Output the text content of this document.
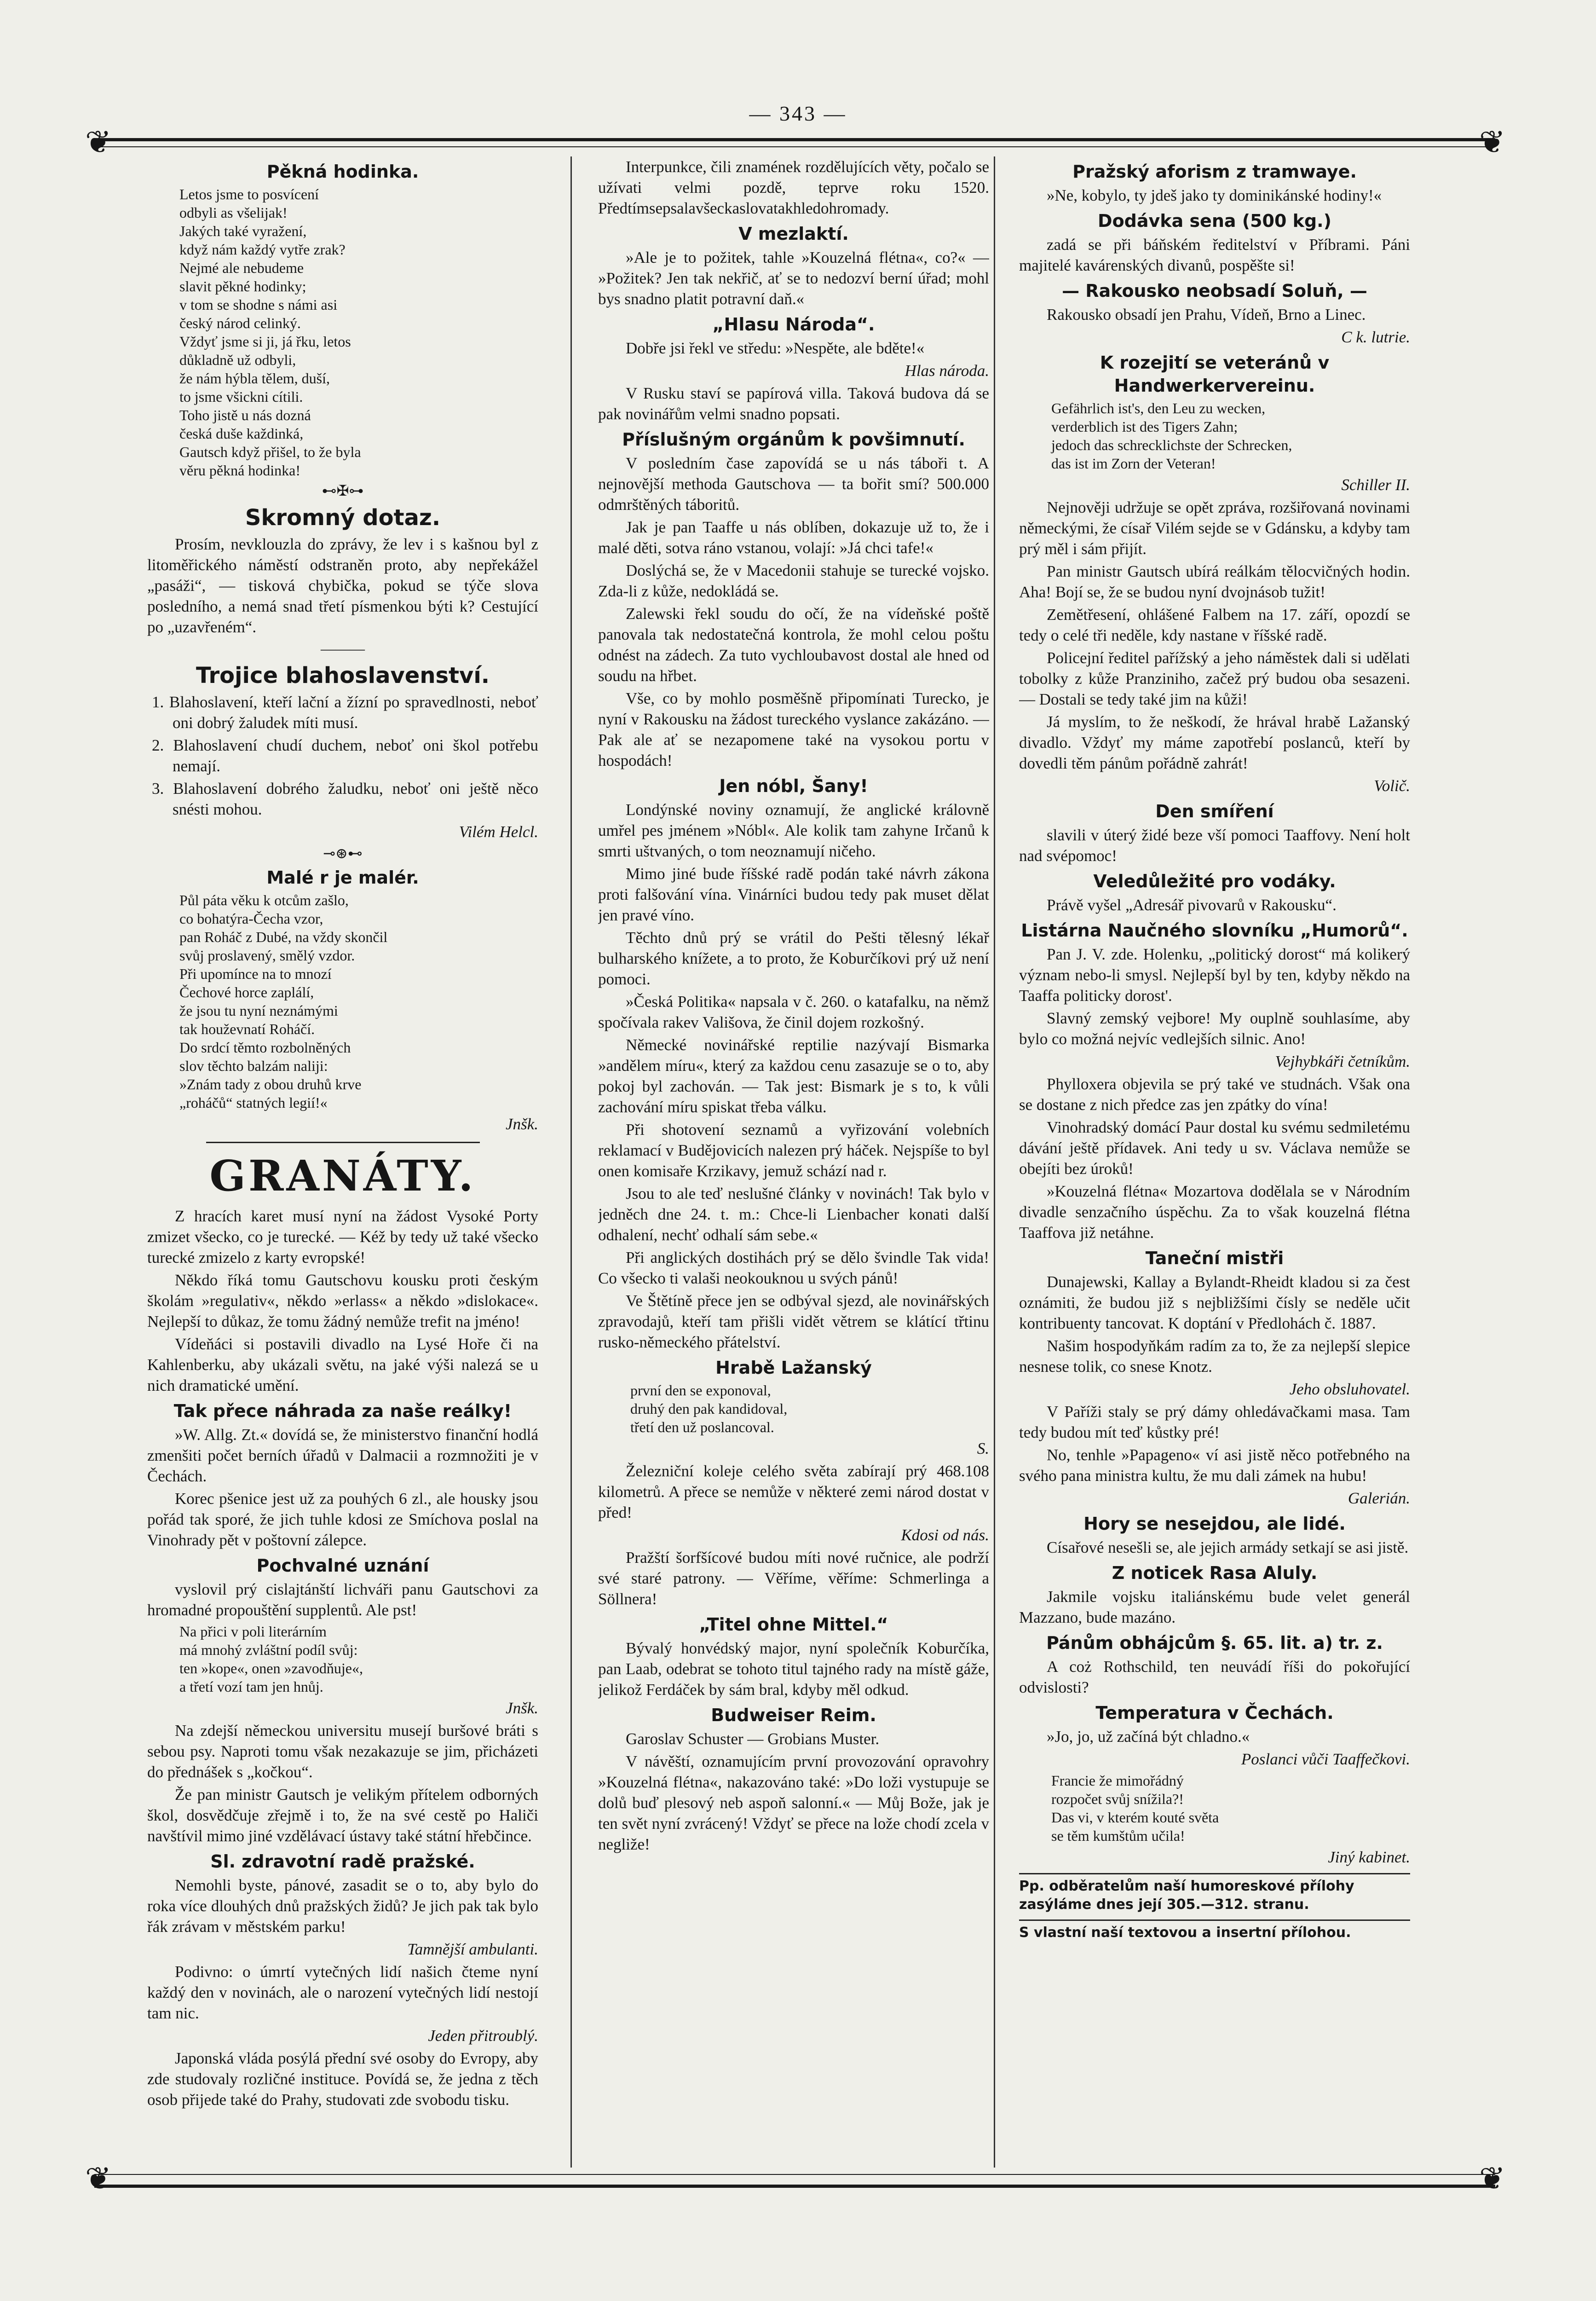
— 343 —
❦	❦
❦	❦
Pěkná hodinka.
Letos jsme to posvícení
odbyli as všelijak!
Jakých také vyražení,
když nám každý vytře zrak?
Nejmé ale nebudeme
slavit pěkné hodinky;
v tom se shodne s námi asi
český národ celinký.
Vždyť jsme si ji, já řku, letos
důkladně už odbyli,
že nám hýbla tělem, duší,
to jsme všickni cítili.
Toho jistě u nás dozná
česká duše každinká,
Gautsch když přišel, to že byla
věru pěkná hodinka!
⊷✠⊶
Skromný dotaz.
Prosím, nevklouzla do zprávy, že lev i s kašnou byl z litoměřického náměstí odstraněn proto, aby nepřekážel „pasáži“, — tisková chybička, pokud se týče slova posledního, a nemá snad třetí písmenkou býti k? Cestující po „uzavřeném“.
———
Trojice blahoslavenství.
1. Blahoslavení, kteří lační a žízní po spravedlnosti, neboť oni dobrý žaludek míti musí.
2. Blahoslavení chudí duchem, neboť oni škol potřebu nemají.
3. Blahoslavení dobrého žaludku, neboť oni ještě něco snésti mohou.
Vilém Helcl.
⊸⊛⊷
Malé r je malér.
Půl páta věku k otcům zašlo,
co bohatýra-Čecha vzor,
pan Roháč z Dubé, na vždy skončil
svůj proslavený, smělý vzdor.
Při upomínce na to mnozí
Čechové horce zaplálí,
že jsou tu nyní neznámými
tak houževnatí Roháčí.
Do srdcí těmto rozbolněných
slov těchto balzám naliji:
»Znám tady z obou druhů krve
„roháčů“ statných legií!«
Jnšk.
GRANÁTY.
Z hracích karet musí nyní na žádost Vysoké Porty zmizet všecko, co je turecké. — Kéž by tedy už také všecko turecké zmizelo z karty evropské!
Někdo říká tomu Gautschovu kousku proti českým školám »regulativ«, někdo »erlass« a někdo »dislokace«. Nejlepší to důkaz, že tomu žádný nemůže trefit na jméno!
Vídeňáci si postavili divadlo na Lysé Hoře či na Kahlenberku, aby ukázali světu, na jaké výši nalezá se u nich dramatické umění.
Tak přece náhrada za naše reálky!
»W. Allg. Zt.« dovídá se, že ministerstvo finanční hodlá zmenšiti počet berních úřadů v Dalmacii a rozmnožiti je v Čechách.
Korec pšenice jest už za pouhých 6 zl., ale housky jsou pořád tak sporé, že jich tuhle kdosi ze Smíchova poslal na Vinohrady pět v poštovní zálepce.
Pochvalné uznání
vyslovil prý cislajtánští lichváři panu Gautschovi za hromadné propouštění supplentů. Ale pst!
Na přici v poli literárním
má mnohý zvláštní podíl svůj:
ten »kope«, onen »zavodňuje«,
a třetí vozí tam jen hnůj.
Jnšk.
Na zdejší německou universitu musejí buršové bráti s sebou psy. Naproti tomu však nezakazuje se jim, přicházeti do přednášek s „kočkou“.
Že pan ministr Gautsch je velikým přítelem odborných škol, dosvědčuje zřejmě i to, že na své cestě po Haliči navštívil mimo jiné vzdělávací ústavy také státní hřebčince.
Sl. zdravotní radě pražské.
Nemohli byste, pánové, zasadit se o to, aby bylo do roka více dlouhých dnů pražských židů? Je jich pak tak bylo řák zrávam v městském parku!
Tamnější ambulanti.
Podivno: o úmrtí vytečných lidí našich čteme nyní každý den v novinách, ale o narození vytečných lidí nestojí tam nic.
Jeden přitroublý.
Japonská vláda posýlá přední své osoby do Evropy, aby zde studovaly rozličné instituce. Povídá se, že jedna z těch osob přijede také do Prahy, studovati zde svobodu tisku.
Interpunkce, čili znamének rozdělujících věty, počalo se užívati velmi pozdě, teprve roku 1520. Předtímsepsalavšeckaslovatakhledohromady.
V mezlaktí.
»Ale je to požitek, tahle »Kouzelná flétna«, co?« — »Požitek? Jen tak nekřič, ať se to nedozví berní úřad; mohl bys snadno platit potravní daň.«
„Hlasu Národa“.
Dobře jsi řekl ve středu: »Nespěte, ale bděte!«
Hlas národa.
V Rusku staví se papírová villa. Taková budova dá se pak novinářům velmi snadno popsati.
Příslušným orgánům k povšimnutí.
V posledním čase zapovídá se u nás táboři t. A nejnovější methoda Gautschova — ta bořit smí? 500.000 odmrštěných táboritů.
Jak je pan Taaffe u nás oblíben, dokazuje už to, že i malé děti, sotva ráno vstanou, volají: »Já chci tafe!«
Doslýchá se, že v Macedonii stahuje se turecké vojsko. Zda-li z kůže, nedokládá se.
Zalewski řekl soudu do očí, že na vídeňské poště panovala tak nedostatečná kontrola, že mohl celou poštu odnést na zádech. Za tuto vychloubavost dostal ale hned od soudu na hřbet.
Vše, co by mohlo posměšně připomínati Turecko, je nyní v Rakousku na žádost tureckého vyslance zakázáno. — Pak ale ať se nezapomene také na vysokou portu v hospodách!
Jen nóbl, Šany!
Londýnské noviny oznamují, že anglické královně umřel pes jménem »Nóbl«. Ale kolik tam zahyne Irčanů k smrti uštvaných, o tom neoznamují ničeho.
Mimo jiné bude říšské radě podán také návrh zákona proti falšování vína. Vinárníci budou tedy pak muset dělat jen pravé víno.
Těchto dnů prý se vrátil do Pešti tělesný lékař bulharského knížete, a to proto, že Koburčíkovi prý už není pomoci.
»Česká Politika« napsala v č. 260. o katafalku, na němž spočívala rakev Vališova, že činil dojem rozkošný.
Německé novinářské reptilie nazývají Bismarka »andělem míru«, který za každou cenu zasazuje se o to, aby pokoj byl zachován. — Tak jest: Bismark je s to, k vůli zachování míru spiskat třeba válku.
Při shotovení seznamů a vyřizování volebních reklamací v Budějovicích nalezen prý háček. Nejspíše to byl onen komisaře Krzikavy, jemuž schází nad r.
Jsou to ale teď neslušné články v novinách! Tak bylo v jedněch dne 24. t. m.: Chce-li Lienbacher konati další odhalení, nechť odhalí sám sebe.«
Při anglických dostihách prý se dělo švindle Tak vida! Co všecko ti valaši neokouknou u svých pánů!
Ve Štětíně přece jen se odbýval sjezd, ale novinářských zpravodajů, kteří tam přišli vidět větrem se klátící třtinu rusko-německého přátelství.
Hrabě Lažanský
první den se exponoval,
druhý den pak kandidoval,
třetí den už poslancoval.
S.
Železniční koleje celého světa zabírají prý 468.108 kilometrů. A přece se nemůže v některé zemi národ dostat v před!
Kdosi od nás.
Pražští šorfšícové budou míti nové ručnice, ale podrží své staré patrony. — Věříme, věříme: Schmerlinga a Söllnera!
„Titel ohne Mittel.“
Bývalý honvédský major, nyní společník Koburčíka, pan Laab, odebrat se tohoto titul tajného rady na místě gáže, jelikož Ferdáček by sám bral, kdyby měl odkud.
Budweiser Reim.
Garoslav Schuster — Grobians Muster.
V návěští, oznamujícím první provozování opravohry »Kouzelná flétna«, nakazováno také: »Do loži vystupuje se dolů buď plesový neb aspoň salonní.« — Můj Bože, jak je ten svět nyní zvrácený! Vždyť se přece na lože chodí zcela v negliže!
Pražský aforism z tramwaye.
»Ne, kobylo, ty jdeš jako ty dominikánské hodiny!«
Dodávka sena (500 kg.)
zadá se při báňském ředitelství v Příbrami. Páni majitelé kavárenských divanů, pospěšte si!
— Rakousko neobsadí Soluň, —
Rakousko obsadí jen Prahu, Vídeň, Brno a Linec.
C k. lutrie.
K rozejití se veteránů v Handwerkervereinu.
Gefährlich ist's, den Leu zu wecken,
verderblich ist des Tigers Zahn;
jedoch das schrecklichste der Schrecken,
das ist im Zorn der Veteran!
Schiller II.
Nejnověji udržuje se opět zpráva, rozšiřovaná novinami německými, že císař Vilém sejde se v Gdánsku, a kdyby tam prý měl i sám přijít.
Pan ministr Gautsch ubírá reálkám tělocvičných hodin. Aha! Bojí se, že se budou nyní dvojnásob tužit!
Zemětřesení, ohlášené Falbem na 17. září, opozdí se tedy o celé tři neděle, kdy nastane v říšské radě.
Policejní ředitel pařížský a jeho náměstek dali si udělati tobolky z kůže Pranziniho, začež prý budou oba sesazeni. — Dostali se tedy také jim na kůži!
Já myslím, to že neškodí, že hrával hrabě Lažanský divadlo. Vždyť my máme zapotřebí poslanců, kteří by dovedli těm pánům pořádně zahrát!
Volič.
Den smíření
slavili v úterý židé beze vší pomoci Taaffovy. Není holt nad svépomoc!
Veledůležité pro vodáky.
Právě vyšel „Adresář pivovarů v Rakousku“.
Listárna Naučného slovníku „Humorů“.
Pan J. V. zde. Holenku, „politický dorost“ má kolikerý význam nebo-li smysl. Nejlepší byl by ten, kdyby někdo na Taaffa politicky dorost'.
Slavný zemský vejbore! My ouplně souhlasíme, aby bylo co možná nejvíc vedlejších silnic. Ano!
Vejhybkáři četníkům.
Phylloxera objevila se prý také ve studnách. Však ona se dostane z nich předce zas jen zpátky do vína!
Vinohradský domácí Paur dostal ku svému sedmiletému dávání ještě přídavek. Ani tedy u sv. Václava nemůže se obejíti bez úroků!
»Kouzelná flétna« Mozartova dodělala se v Národním divadle senzačního úspěchu. Za to však kouzelná flétna Taaffova již netáhne.
Taneční mistři
Dunajewski, Kallay a Bylandt-Rheidt kladou si za čest oznámiti, že budou již s nejbližšími čísly se neděle učit kontribuenty tancovat. K doptání v Předlohách č. 1887.
Našim hospodyňkám radím za to, že za nejlepší slepice nesnese tolik, co snese Knotz.
Jeho obsluhovatel.
V Paříži staly se prý dámy ohledávačkami masa. Tam tedy budou mít teď kůstky pré!
No, tenhle »Papageno« ví asi jistě něco potřebného na svého pana ministra kultu, že mu dali zámek na hubu!
Galerián.
Hory se nesejdou, ale lidé.
Císařové nesešli se, ale jejich armády setkají se asi jistě.
Z noticek Rasa Aluly.
Jakmile vojsku italiánskému bude velet generál Mazzano, bude mazáno.
Pánům obhájcům §. 65. lit. a) tr. z.
A coż Rothschild, ten neuvádí říši do pokořující odvislosti?
Temperatura v Čechách.
»Jo, jo, už začíná být chladno.«
Poslanci vůči Taaffečkovi.
Francie že mimořádný
rozpočet svůj snížila?!
Das vi, v kterém kouté světa
se těm kumštům učila!
Jiný kabinet.
Pp. odběratelům naší humoreskové přílohy zasýláme dnes její 305.—312. stranu.
S vlastní naší textovou a insertní přílohou.
